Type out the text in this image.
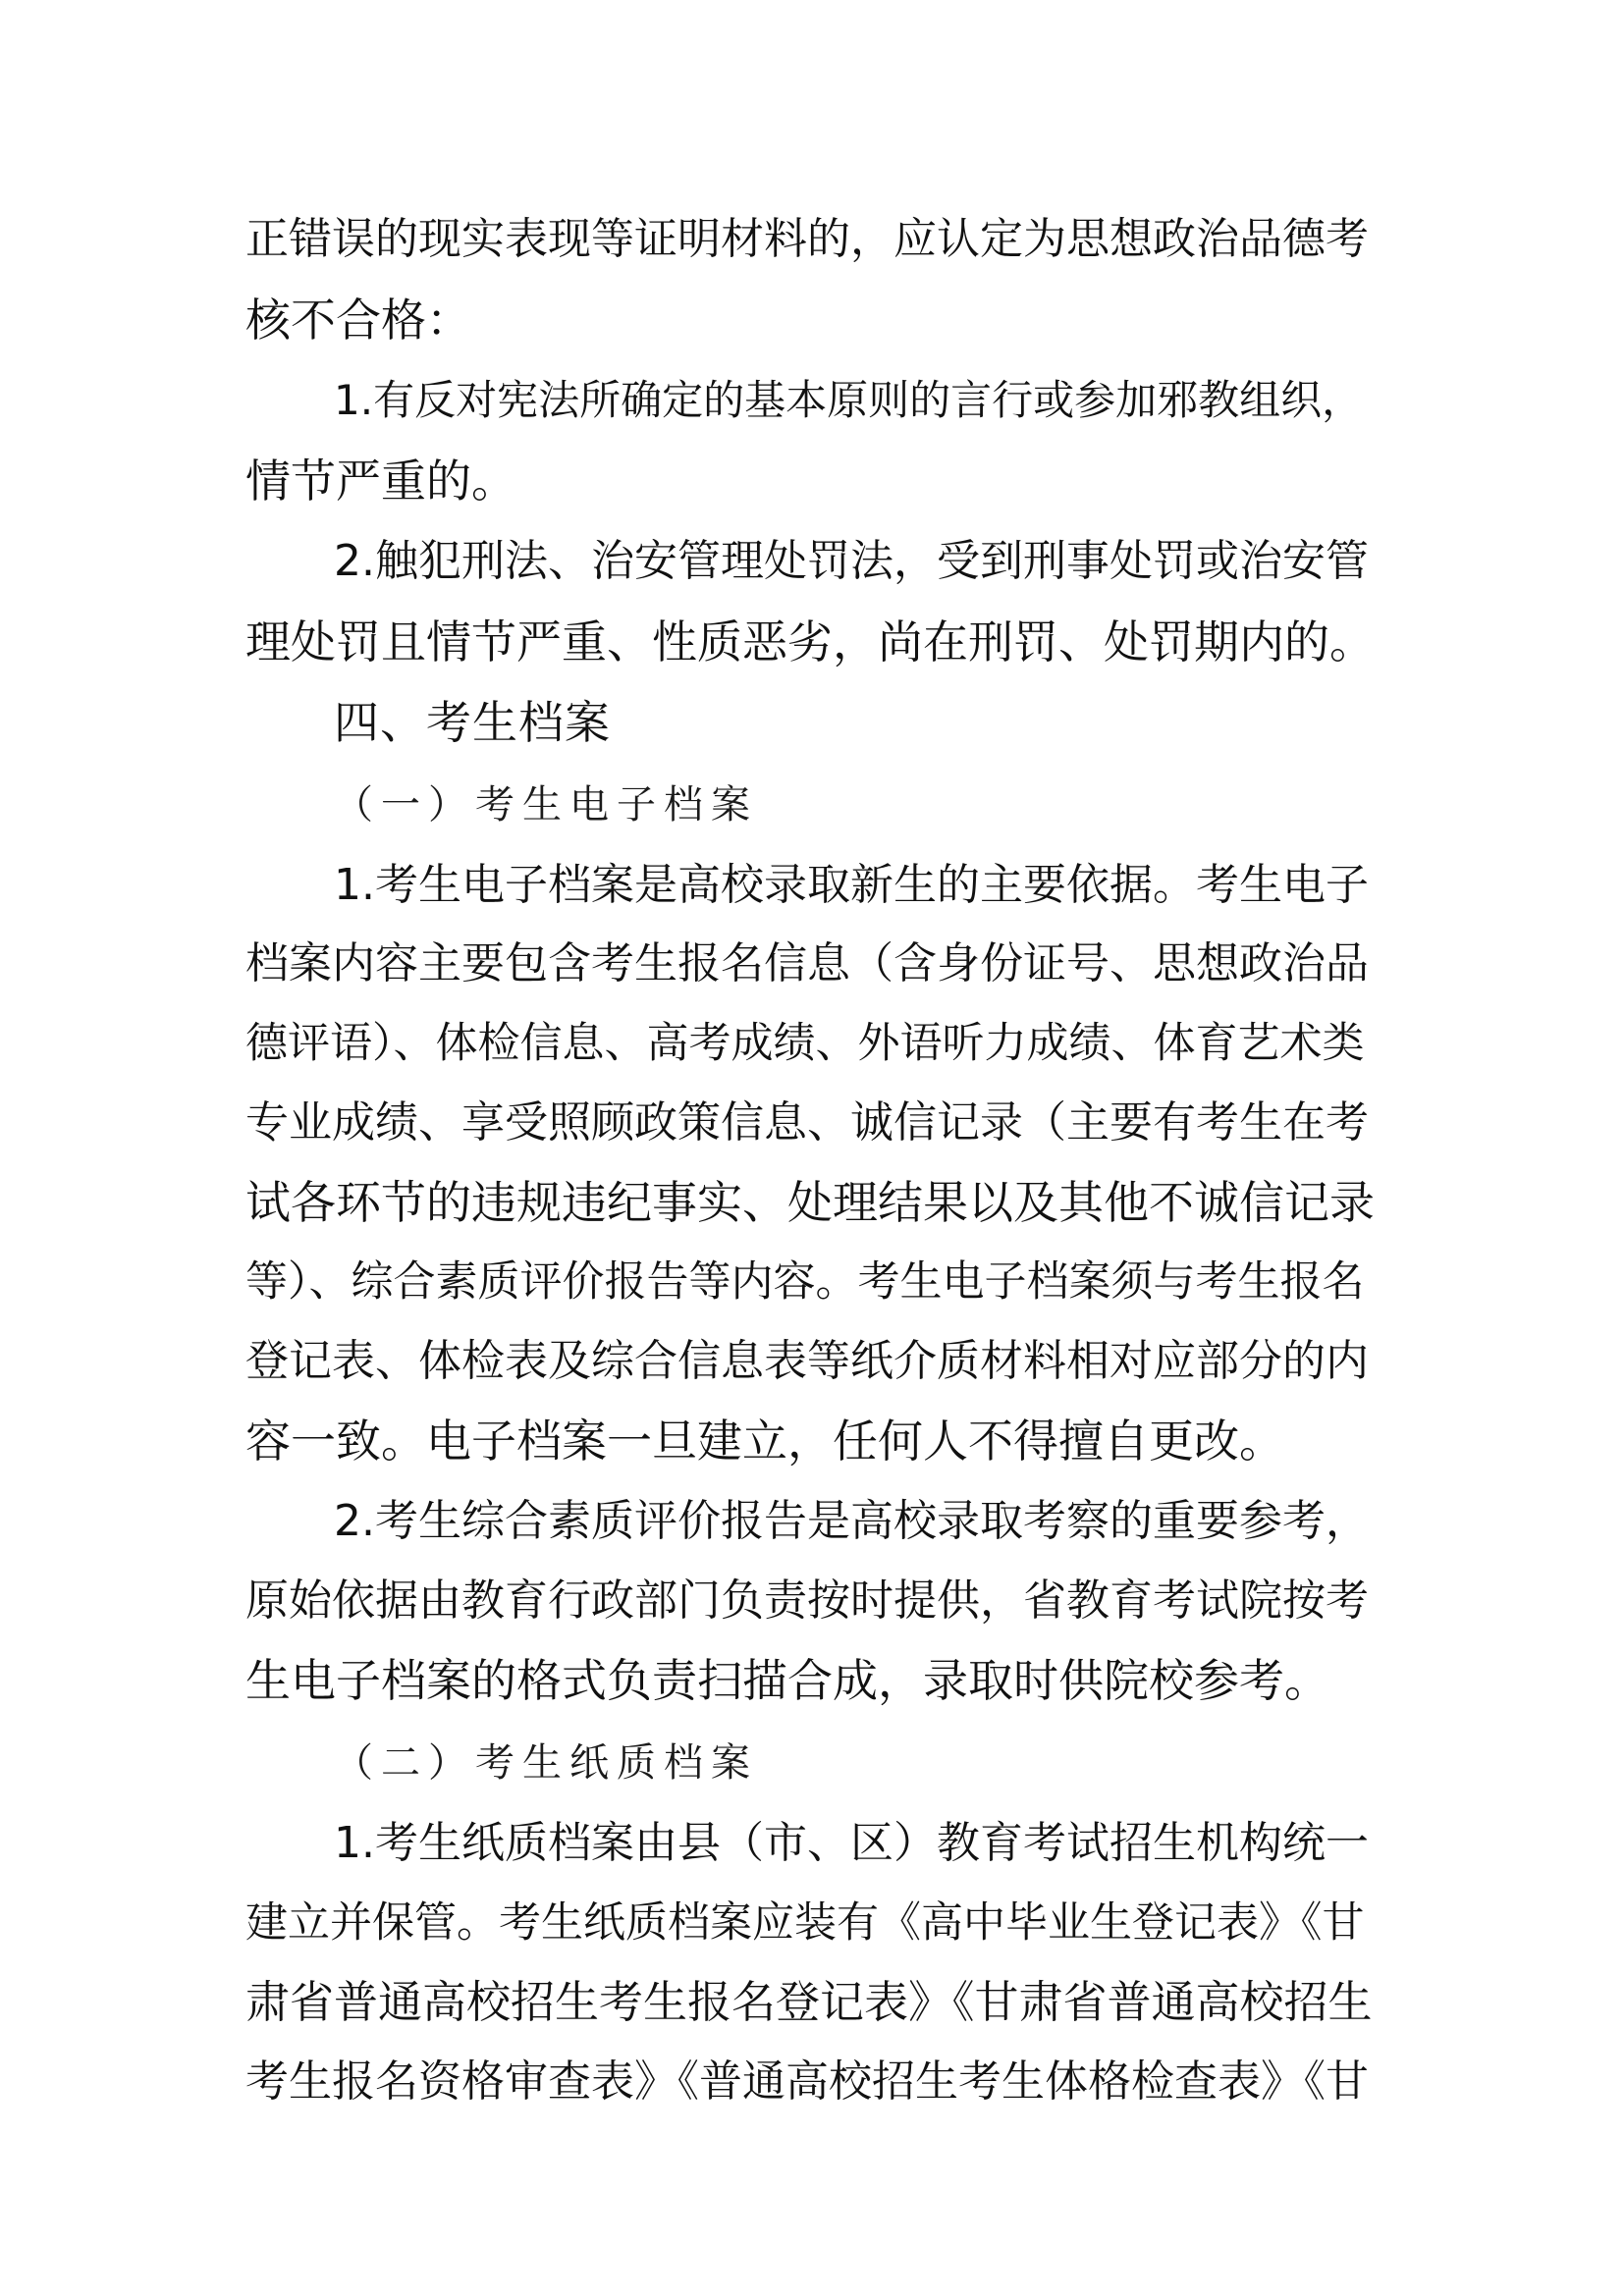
正错误的现实表现等证明材料的，应认定为思想政治品德考
核不合格：
1.有反对宪法所确定的基本原则的言行或参加邪教组织，
情节严重的。
2.触犯刑法、治安管理处罚法，受到刑事处罚或治安管
理处罚且情节严重、性质恶劣，尚在刑罚、处罚期内的。
四、考生档案
（一）考生电子档案
1.考生电子档案是高校录取新生的主要依据。考生电子
档案内容主要包含考生报名信息（含身份证号、思想政治品
德评语）、体检信息、高考成绩、外语听力成绩、体育艺术类
专业成绩、享受照顾政策信息、诚信记录（主要有考生在考
试各环节的违规违纪事实、处理结果以及其他不诚信记录
等）、综合素质评价报告等内容。考生电子档案须与考生报名
登记表、体检表及综合信息表等纸介质材料相对应部分的内
容一致。电子档案一旦建立，任何人不得擅自更改。
2.考生综合素质评价报告是高校录取考察的重要参考，
原始依据由教育行政部门负责按时提供，省教育考试院按考
生电子档案的格式负责扫描合成，录取时供院校参考。
（二）考生纸质档案
1.考生纸质档案由县（市、区）教育考试招生机构统一
建立并保管。考生纸质档案应装有《高中毕业生登记表》《甘
肃省普通高校招生考生报名登记表》《甘肃省普通高校招生
考生报名资格审查表》《普通高校招生考生体格检查表》《甘
